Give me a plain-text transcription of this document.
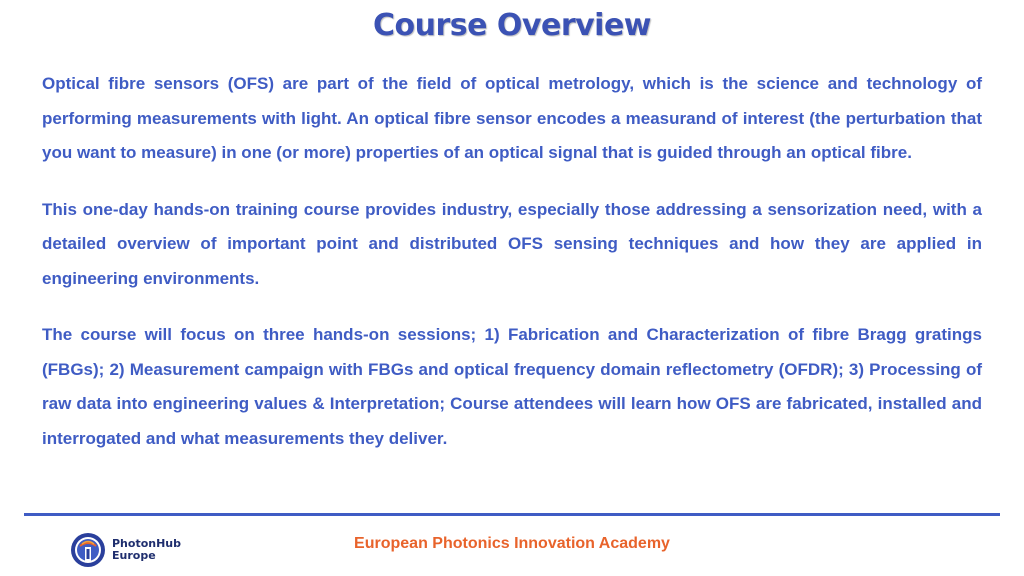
Course Overview

Optical fibre sensors (OFS) are part of the field of optical metrology, which is the science and technology of performing measurements with light. An optical fibre sensor encodes a measurand of interest (the perturbation that you want to measure) in one (or more) properties of an optical signal that is guided through an optical fibre.

This one-day hands-on training course provides industry, especially those addressing a sensorization need, with a detailed overview of important point and distributed OFS sensing techniques and how they are applied in engineering environments.

The course will focus on three hands-on sessions; 1) Fabrication and Characterization of fibre Bragg gratings (FBGs); 2) Measurement campaign with FBGs and optical frequency domain reflectometry (OFDR); 3) Processing of raw data into engineering values & Interpretation; Course attendees will learn how OFS are fabricated, installed and interrogated and what measurements they deliver.

PhotonHub
Europe
European Photonics Innovation Academy
